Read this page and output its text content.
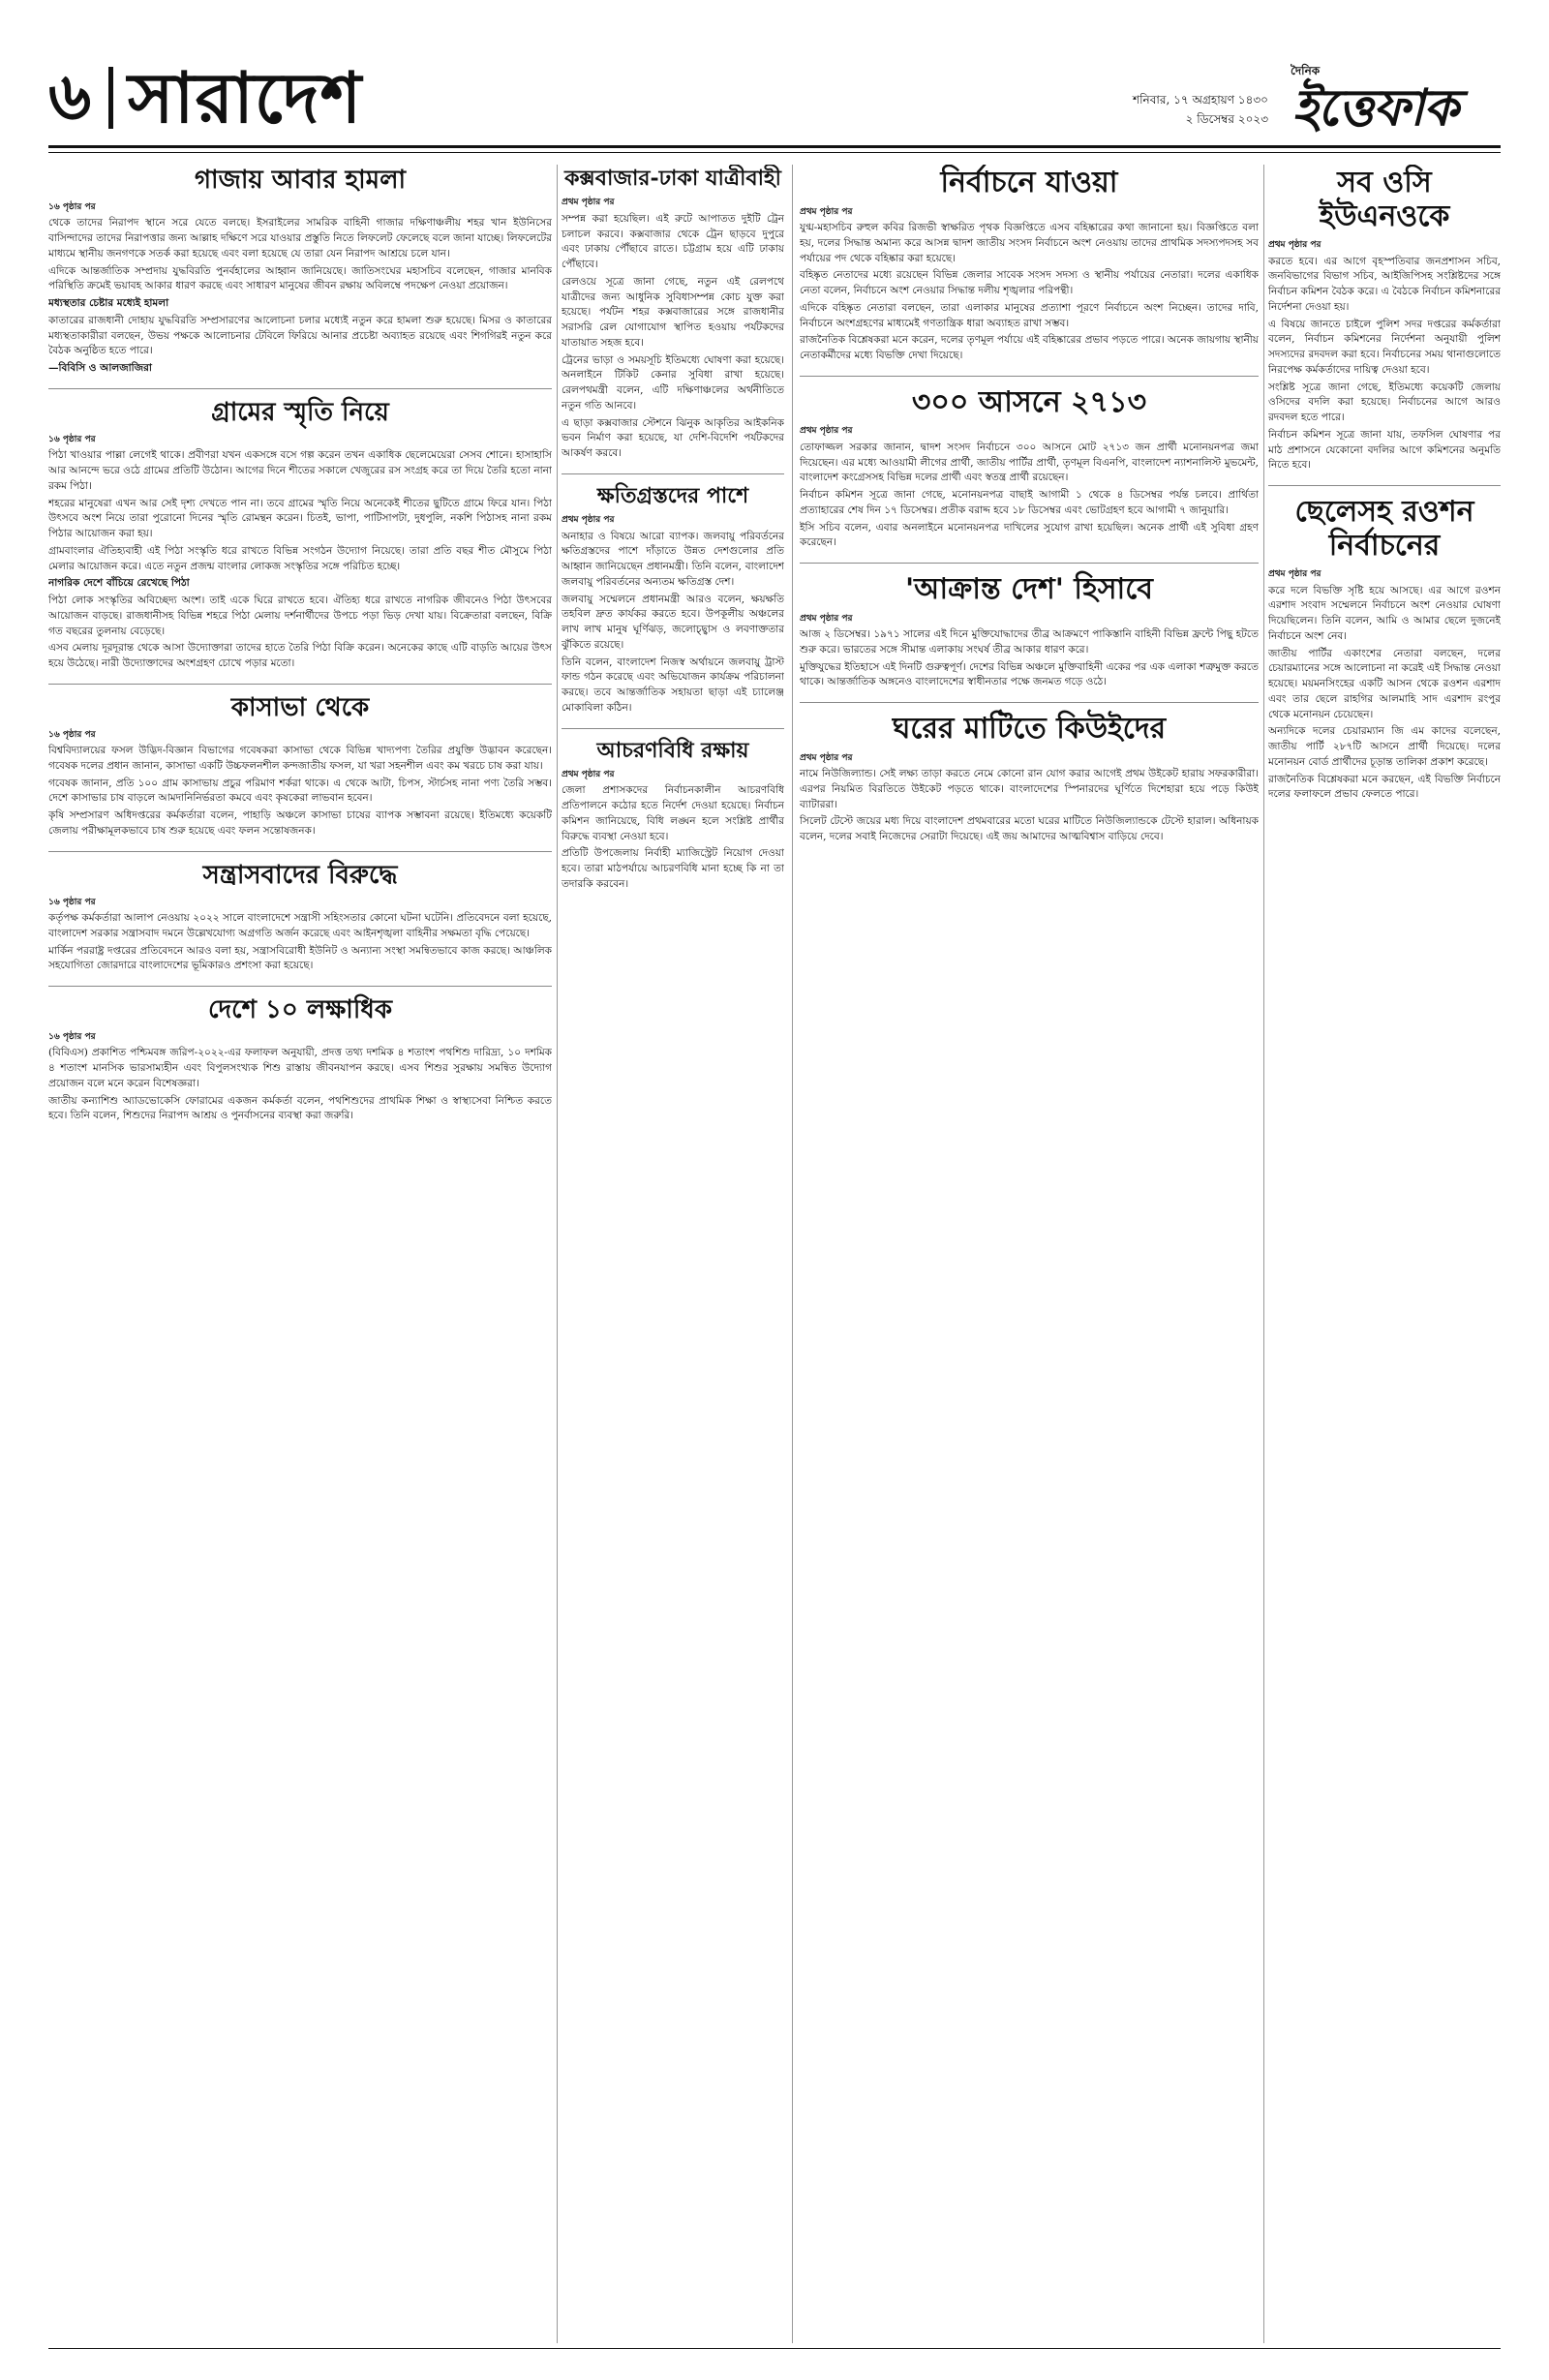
৬ সারাদেশ	শনিবার, ১৭ অগ্রহায়ণ ১৪৩০
২ ডিসেম্বর ২০২৩
দৈনিক
ইত্তেফাক
গাজায় আবার হামলা
১৬ পৃষ্ঠার পর

থেকে তাদের নিরাপদ স্থানে সরে যেতে বলছে। ইসরাইলের সামরিক বাহিনী গাজার দক্ষিণাঞ্চলীয় শহর খান ইউনিসের বাসিন্দাদের তাদের নিরাপত্তার জন্য আল্লাহ দক্ষিণে সরে যাওয়ার প্রস্তুতি নিতে লিফলেট ফেলেছে বলে জানা যাচ্ছে। লিফলেটের মাধ্যমে স্থানীয় জনগণকে সতর্ক করা হয়েছে এবং বলা হয়েছে যে তারা যেন নিরাপদ আশ্রয়ে চলে যান।

এদিকে আন্তর্জাতিক সম্প্রদায় যুদ্ধবিরতি পুনর্বহালের আহ্বান জানিয়েছে। জাতিসংঘের মহাসচিব বলেছেন, গাজার মানবিক পরিস্থিতি ক্রমেই ভয়াবহ আকার ধারণ করছে এবং সাধারণ মানুষের জীবন রক্ষায় অবিলম্বে পদক্ষেপ নেওয়া প্রয়োজন।

মধ্যস্থতার চেষ্টার মধ্যেই হামলা

কাতারের রাজধানী দোহায় যুদ্ধবিরতি সম্প্রসারণের আলোচনা চলার মধ্যেই নতুন করে হামলা শুরু হয়েছে। মিসর ও কাতারের মধ্যস্থতাকারীরা বলছেন, উভয় পক্ষকে আলোচনার টেবিলে ফিরিয়ে আনার প্রচেষ্টা অব্যাহত রয়েছে এবং শিগগিরই নতুন করে বৈঠক অনুষ্ঠিত হতে পারে।

—বিবিসি ও আলজাজিরা

গ্রামের স্মৃতি নিয়ে
১৬ পৃষ্ঠার পর

পিঠা খাওয়ার পাল্লা লেগেই থাকে। প্রবীণরা যখন একসঙ্গে বসে গল্প করেন তখন একাধিক ছেলেমেয়েরা সেসব শোনে। হাসাহাসি আর আনন্দে ভরে ওঠে গ্রামের প্রতিটি উঠোন। আগের দিনে শীতের সকালে খেজুরের রস সংগ্রহ করে তা দিয়ে তৈরি হতো নানা রকম পিঠা।

শহরের মানুষেরা এখন আর সেই দৃশ্য দেখতে পান না। তবে গ্রামের স্মৃতি নিয়ে অনেকেই শীতের ছুটিতে গ্রামে ফিরে যান। পিঠা উৎসবে অংশ নিয়ে তারা পুরোনো দিনের স্মৃতি রোমন্থন করেন। চিতই, ভাপা, পাটিসাপটা, দুধপুলি, নকশি পিঠাসহ নানা রকম পিঠার আয়োজন করা হয়।

গ্রামবাংলার ঐতিহ্যবাহী এই পিঠা সংস্কৃতি ধরে রাখতে বিভিন্ন সংগঠন উদ্যোগ নিয়েছে। তারা প্রতি বছর শীত মৌসুমে পিঠা মেলার আয়োজন করে। এতে নতুন প্রজন্ম বাংলার লোকজ সংস্কৃতির সঙ্গে পরিচিত হচ্ছে।

নাগরিক দেশে বাঁচিয়ে রেখেছে পিঠা

পিঠা লোক সংস্কৃতির অবিচ্ছেদ্য অংশ। তাই একে ঘিরে রাখতে হবে। ঐতিহ্য ধরে রাখতে নাগরিক জীবনেও পিঠা উৎসবের আয়োজন বাড়ছে। রাজধানীসহ বিভিন্ন শহরে পিঠা মেলায় দর্শনার্থীদের উপচে পড়া ভিড় দেখা যায়। বিক্রেতারা বলছেন, বিক্রি গত বছরের তুলনায় বেড়েছে।

এসব মেলায় দূরদূরান্ত থেকে আসা উদ্যোক্তারা তাদের হাতে তৈরি পিঠা বিক্রি করেন। অনেকের কাছে এটি বাড়তি আয়ের উৎস হয়ে উঠেছে। নারী উদ্যোক্তাদের অংশগ্রহণ চোখে পড়ার মতো।

কাসাভা থেকে
১৬ পৃষ্ঠার পর

বিশ্ববিদ্যালয়ের ফসল উদ্ভিদ-বিজ্ঞান বিভাগের গবেষকরা কাসাভা থেকে বিভিন্ন খাদ্যপণ্য তৈরির প্রযুক্তি উদ্ভাবন করেছেন। গবেষক দলের প্রধান জানান, কাসাভা একটি উচ্চফলনশীল কন্দজাতীয় ফসল, যা খরা সহনশীল এবং কম খরচে চাষ করা যায়।

গবেষক জানান, প্রতি ১০০ গ্রাম কাসাভায় প্রচুর পরিমাণ শর্করা থাকে। এ থেকে আটা, চিপস, স্টার্চসহ নানা পণ্য তৈরি সম্ভব। দেশে কাসাভার চাষ বাড়লে আমদানিনির্ভরতা কমবে এবং কৃষকেরা লাভবান হবেন।

কৃষি সম্প্রসারণ অধিদপ্তরের কর্মকর্তারা বলেন, পাহাড়ি অঞ্চলে কাসাভা চাষের ব্যাপক সম্ভাবনা রয়েছে। ইতিমধ্যে কয়েকটি জেলায় পরীক্ষামূলকভাবে চাষ শুরু হয়েছে এবং ফলন সন্তোষজনক।

সন্ত্রাসবাদের বিরুদ্ধে
১৬ পৃষ্ঠার পর

কর্তৃপক্ষ কর্মকর্তারা আলাপ নেওয়ায় ২০২২ সালে বাংলাদেশে সন্ত্রাসী সহিংসতার কোনো ঘটনা ঘটেনি। প্রতিবেদনে বলা হয়েছে, বাংলাদেশ সরকার সন্ত্রাসবাদ দমনে উল্লেখযোগ্য অগ্রগতি অর্জন করেছে এবং আইনশৃঙ্খলা বাহিনীর সক্ষমতা বৃদ্ধি পেয়েছে।

মার্কিন পররাষ্ট্র দপ্তরের প্রতিবেদনে আরও বলা হয়, সন্ত্রাসবিরোধী ইউনিট ও অন্যান্য সংস্থা সমন্বিতভাবে কাজ করছে। আঞ্চলিক সহযোগিতা জোরদারে বাংলাদেশের ভূমিকারও প্রশংসা করা হয়েছে।

দেশে ১০ লক্ষাধিক
১৬ পৃষ্ঠার পর

(বিবিএস) প্রকাশিত পশ্চিমবঙ্গ জরিপ-২০২২-এর ফলাফল অনুযায়ী, প্রদত্ত তথ্য দশমিক ৪ শতাংশ পথশিশু দারিদ্র্য, ১০ দশমিক ৪ শতাংশ মানসিক ভারসাম্যহীন এবং বিপুলসংখ্যক শিশু রাস্তায় জীবনযাপন করছে। এসব শিশুর সুরক্ষায় সমন্বিত উদ্যোগ প্রয়োজন বলে মনে করেন বিশেষজ্ঞরা।

জাতীয় কন্যাশিশু অ্যাডভোকেসি ফোরামের একজন কর্মকর্তা বলেন, পথশিশুদের প্রাথমিক শিক্ষা ও স্বাস্থ্যসেবা নিশ্চিত করতে হবে। তিনি বলেন, শিশুদের নিরাপদ আশ্রয় ও পুনর্বাসনের ব্যবস্থা করা জরুরি।

কক্সবাজার-ঢাকা যাত্রীবাহী
প্রথম পৃষ্ঠার পর

সম্পন্ন করা হয়েছিল। এই রুটে আপাতত দুইটি ট্রেন চলাচল করবে। কক্সবাজার থেকে ট্রেন ছাড়বে দুপুরে এবং ঢাকায় পৌঁছাবে রাতে। চট্টগ্রাম হয়ে এটি ঢাকায় পৌঁছাবে।

রেলওয়ে সূত্রে জানা গেছে, নতুন এই রেলপথে যাত্রীদের জন্য আধুনিক সুবিধাসম্পন্ন কোচ যুক্ত করা হয়েছে। পর্যটন শহর কক্সবাজারের সঙ্গে রাজধানীর সরাসরি রেল যোগাযোগ স্থাপিত হওয়ায় পর্যটকদের যাতায়াত সহজ হবে।

ট্রেনের ভাড়া ও সময়সূচি ইতিমধ্যে ঘোষণা করা হয়েছে। অনলাইনে টিকিট কেনার সুবিধা রাখা হয়েছে। রেলপথমন্ত্রী বলেন, এটি দক্ষিণাঞ্চলের অর্থনীতিতে নতুন গতি আনবে।

এ ছাড়া কক্সবাজার স্টেশনে ঝিনুক আকৃতির আইকনিক ভবন নির্মাণ করা হয়েছে, যা দেশি-বিদেশি পর্যটকদের আকর্ষণ করবে।

ক্ষতিগ্রস্তদের পাশে
প্রথম পৃষ্ঠার পর

অনাহার ও বিষয়ে আরো ব্যাপক। জলবায়ু পরিবর্তনের ক্ষতিগ্রস্তদের পাশে দাঁড়াতে উন্নত দেশগুলোর প্রতি আহ্বান জানিয়েছেন প্রধানমন্ত্রী। তিনি বলেন, বাংলাদেশ জলবায়ু পরিবর্তনের অন্যতম ক্ষতিগ্রস্ত দেশ।

জলবায়ু সম্মেলনে প্রধানমন্ত্রী আরও বলেন, ক্ষয়ক্ষতি তহবিল দ্রুত কার্যকর করতে হবে। উপকূলীয় অঞ্চলের লাখ লাখ মানুষ ঘূর্ণিঝড়, জলোচ্ছ্বাস ও লবণাক্ততার ঝুঁকিতে রয়েছে।

তিনি বলেন, বাংলাদেশ নিজস্ব অর্থায়নে জলবায়ু ট্রাস্ট ফান্ড গঠন করেছে এবং অভিযোজন কার্যক্রম পরিচালনা করছে। তবে আন্তর্জাতিক সহায়তা ছাড়া এই চ্যালেঞ্জ মোকাবিলা কঠিন।

আচরণবিধি রক্ষায়
প্রথম পৃষ্ঠার পর

জেলা প্রশাসকদের নির্বাচনকালীন আচরণবিধি প্রতিপালনে কঠোর হতে নির্দেশ দেওয়া হয়েছে। নির্বাচন কমিশন জানিয়েছে, বিধি লঙ্ঘন হলে সংশ্লিষ্ট প্রার্থীর বিরুদ্ধে ব্যবস্থা নেওয়া হবে।

প্রতিটি উপজেলায় নির্বাহী ম্যাজিস্ট্রেট নিয়োগ দেওয়া হবে। তারা মাঠপর্যায়ে আচরণবিধি মানা হচ্ছে কি না তা তদারকি করবেন।

নির্বাচনে যাওয়া
প্রথম পৃষ্ঠার পর

যুগ্ম-মহাসচিব রুহুল কবির রিজভী স্বাক্ষরিত পৃথক বিজ্ঞপ্তিতে এসব বহিষ্কারের কথা জানানো হয়। বিজ্ঞপ্তিতে বলা হয়, দলের সিদ্ধান্ত অমান্য করে আসন্ন দ্বাদশ জাতীয় সংসদ নির্বাচনে অংশ নেওয়ায় তাদের প্রাথমিক সদস্যপদসহ সব পর্যায়ের পদ থেকে বহিষ্কার করা হয়েছে।

বহিষ্কৃত নেতাদের মধ্যে রয়েছেন বিভিন্ন জেলার সাবেক সংসদ সদস্য ও স্থানীয় পর্যায়ের নেতারা। দলের একাধিক নেতা বলেন, নির্বাচনে অংশ নেওয়ার সিদ্ধান্ত দলীয় শৃঙ্খলার পরিপন্থী।

এদিকে বহিষ্কৃত নেতারা বলছেন, তারা এলাকার মানুষের প্রত্যাশা পূরণে নির্বাচনে অংশ নিচ্ছেন। তাদের দাবি, নির্বাচনে অংশগ্রহণের মাধ্যমেই গণতান্ত্রিক ধারা অব্যাহত রাখা সম্ভব।

রাজনৈতিক বিশ্লেষকরা মনে করেন, দলের তৃণমূল পর্যায়ে এই বহিষ্কারের প্রভাব পড়তে পারে। অনেক জায়গায় স্থানীয় নেতাকর্মীদের মধ্যে বিভক্তি দেখা দিয়েছে।

৩০০ আসনে ২৭১৩
প্রথম পৃষ্ঠার পর

তোফাজ্জল সরকার জানান, দ্বাদশ সংসদ নির্বাচনে ৩০০ আসনে মোট ২৭১৩ জন প্রার্থী মনোনয়নপত্র জমা দিয়েছেন। এর মধ্যে আওয়ামী লীগের প্রার্থী, জাতীয় পার্টির প্রার্থী, তৃণমূল বিএনপি, বাংলাদেশ ন্যাশনালিস্ট মুভমেন্ট, বাংলাদেশ কংগ্রেসসহ বিভিন্ন দলের প্রার্থী এবং স্বতন্ত্র প্রার্থী রয়েছেন।

নির্বাচন কমিশন সূত্রে জানা গেছে, মনোনয়নপত্র বাছাই আগামী ১ থেকে ৪ ডিসেম্বর পর্যন্ত চলবে। প্রার্থিতা প্রত্যাহারের শেষ দিন ১৭ ডিসেম্বর। প্রতীক বরাদ্দ হবে ১৮ ডিসেম্বর এবং ভোটগ্রহণ হবে আগামী ৭ জানুয়ারি।

ইসি সচিব বলেন, এবার অনলাইনে মনোনয়নপত্র দাখিলের সুযোগ রাখা হয়েছিল। অনেক প্রার্থী এই সুবিধা গ্রহণ করেছেন।

'আক্রান্ত দেশ' হিসাবে
প্রথম পৃষ্ঠার পর

আজ ২ ডিসেম্বর। ১৯৭১ সালের এই দিনে মুক্তিযোদ্ধাদের তীব্র আক্রমণে পাকিস্তানি বাহিনী বিভিন্ন ফ্রন্টে পিছু হটতে শুরু করে। ভারতের সঙ্গে সীমান্ত এলাকায় সংঘর্ষ তীব্র আকার ধারণ করে।

মুক্তিযুদ্ধের ইতিহাসে এই দিনটি গুরুত্বপূর্ণ। দেশের বিভিন্ন অঞ্চলে মুক্তিবাহিনী একের পর এক এলাকা শত্রুমুক্ত করতে থাকে। আন্তর্জাতিক অঙ্গনেও বাংলাদেশের স্বাধীনতার পক্ষে জনমত গড়ে ওঠে।

ঘরের মাটিতে কিউইদের
প্রথম পৃষ্ঠার পর

নামে নিউজিল্যান্ড। সেই লক্ষ্য তাড়া করতে নেমে কোনো রান যোগ করার আগেই প্রথম উইকেট হারায় সফরকারীরা। এরপর নিয়মিত বিরতিতে উইকেট পড়তে থাকে। বাংলাদেশের স্পিনারদের ঘূর্ণিতে দিশেহারা হয়ে পড়ে কিউই ব্যাটাররা।

সিলেট টেস্টে জয়ের মধ্য দিয়ে বাংলাদেশ প্রথমবারের মতো ঘরের মাটিতে নিউজিল্যান্ডকে টেস্টে হারাল। অধিনায়ক বলেন, দলের সবাই নিজেদের সেরাটা দিয়েছে। এই জয় আমাদের আত্মবিশ্বাস বাড়িয়ে দেবে।

সব ওসি ইউএনওকে
প্রথম পৃষ্ঠার পর

করতে হবে। এর আগে বৃহস্পতিবার জনপ্রশাসন সচিব, জনবিভাগের বিভাগ সচিব, আইজিপিসহ সংশ্লিষ্টদের সঙ্গে নির্বাচন কমিশন বৈঠক করে। এ বৈঠকে নির্বাচন কমিশনারের নির্দেশনা দেওয়া হয়।

এ বিষয়ে জানতে চাইলে পুলিশ সদর দপ্তরের কর্মকর্তারা বলেন, নির্বাচন কমিশনের নির্দেশনা অনুযায়ী পুলিশ সদস্যদের রদবদল করা হবে। নির্বাচনের সময় থানাগুলোতে নিরপেক্ষ কর্মকর্তাদের দায়িত্ব দেওয়া হবে।

সংশ্লিষ্ট সূত্রে জানা গেছে, ইতিমধ্যে কয়েকটি জেলায় ওসিদের বদলি করা হয়েছে। নির্বাচনের আগে আরও রদবদল হতে পারে।

নির্বাচন কমিশন সূত্রে জানা যায়, তফসিল ঘোষণার পর মাঠ প্রশাসনে যেকোনো বদলির আগে কমিশনের অনুমতি নিতে হবে।

ছেলেসহ রওশন নির্বাচনের
প্রথম পৃষ্ঠার পর

করে দলে বিভক্তি সৃষ্টি হয়ে আসছে। এর আগে রওশন এরশাদ সংবাদ সম্মেলনে নির্বাচনে অংশ নেওয়ার ঘোষণা দিয়েছিলেন। তিনি বলেন, আমি ও আমার ছেলে দুজনেই নির্বাচনে অংশ নেব।

জাতীয় পার্টির একাংশের নেতারা বলছেন, দলের চেয়ারম্যানের সঙ্গে আলোচনা না করেই এই সিদ্ধান্ত নেওয়া হয়েছে। ময়মনসিংহের একটি আসন থেকে রওশন এরশাদ এবং তার ছেলে রাহগির আলমাহি সাদ এরশাদ রংপুর থেকে মনোনয়ন চেয়েছেন।

অন্যদিকে দলের চেয়ারম্যান জি এম কাদের বলেছেন, জাতীয় পার্টি ২৮৭টি আসনে প্রার্থী দিয়েছে। দলের মনোনয়ন বোর্ড প্রার্থীদের চূড়ান্ত তালিকা প্রকাশ করেছে।

রাজনৈতিক বিশ্লেষকরা মনে করছেন, এই বিভক্তি নির্বাচনে দলের ফলাফলে প্রভাব ফেলতে পারে।
